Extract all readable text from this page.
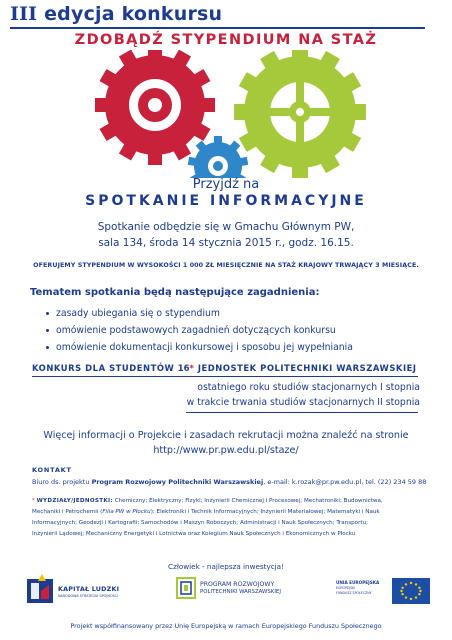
III edycja konkursu
ZDOBĄDŹ STYPENDIUM NA STAŻ
Przyjdź na
SPOTKANIE INFORMACYJNE
Spotkanie odbędzie się w Gmachu Głównym PW,
sala 134, środa 14 stycznia 2015 r., godz. 16.15.
OFERUJEMY STYPENDIUM W WYSOKOŚCI 1 000 ZŁ MIESIĘCZNIE NA STAŻ KRAJOWY TRWAJĄCY 3 MIESIĄCE.
Tematem spotkania będą następujące zagadnienia:
zasady ubiegania się o stypendium
omówienie podstawowych zagadnień dotyczących konkursu
omówienie dokumentacji konkursowej i sposobu jej wypełniania
KONKURS DLA STUDENTÓW 16* JEDNOSTEK POLITECHNIKI WARSZAWSKIEJ
ostatniego roku studiów stacjonarnych I stopnia
w trakcie trwania studiów stacjonarnych II stopnia
Więcej informacji o Projekcie i zasadach rekrutacji można znaleźć na stronie
http://www.pr.pw.edu.pl/staze/
KONTAKT
Biuro ds. projektu Program Rozwojowy Politechniki Warszawskiej, e-mail: k.rozak@pr.pw.edu.pl, tel. (22) 234 59 88
* WYDZIAŁY/JEDNOSTKI: Chemiczny; Elektryczny; Fizyki; Inżynierii Chemicznej i Procesowej; Mechatroniki; Budownictwa,
Mechaniki i Petrochemii (Filia PW w Płocku); Elektroniki i Technik Informacyjnych; Inżynierii Materiałowej; Matematyki i Nauk
Informacyjnych; Geodezji i Kartografii; Samochodów i Maszyn Roboczych; Administracji i Nauk Społecznych; Transportu;
Inżynierii Lądowej; Mechaniczny Energetyki i Lotnictwa oraz Kolegium Nauk Społecznych i Ekonomicznych w Płocku
Człowiek - najlepsza inwestycja!
KAPITAŁ LUDZKI
NARODOWA STRATEGIA SPÓJNOŚCI
PROGRAM ROZWOJOWY
POLITECHNIKI WARSZAWSKIEJ
UNIA EUROPEJSKA
EUROPEJSKI
FUNDUSZ SPOŁECZNY
Projekt współfinansowany przez Unię Europejską w ramach Europejskiego Funduszu Społecznego
